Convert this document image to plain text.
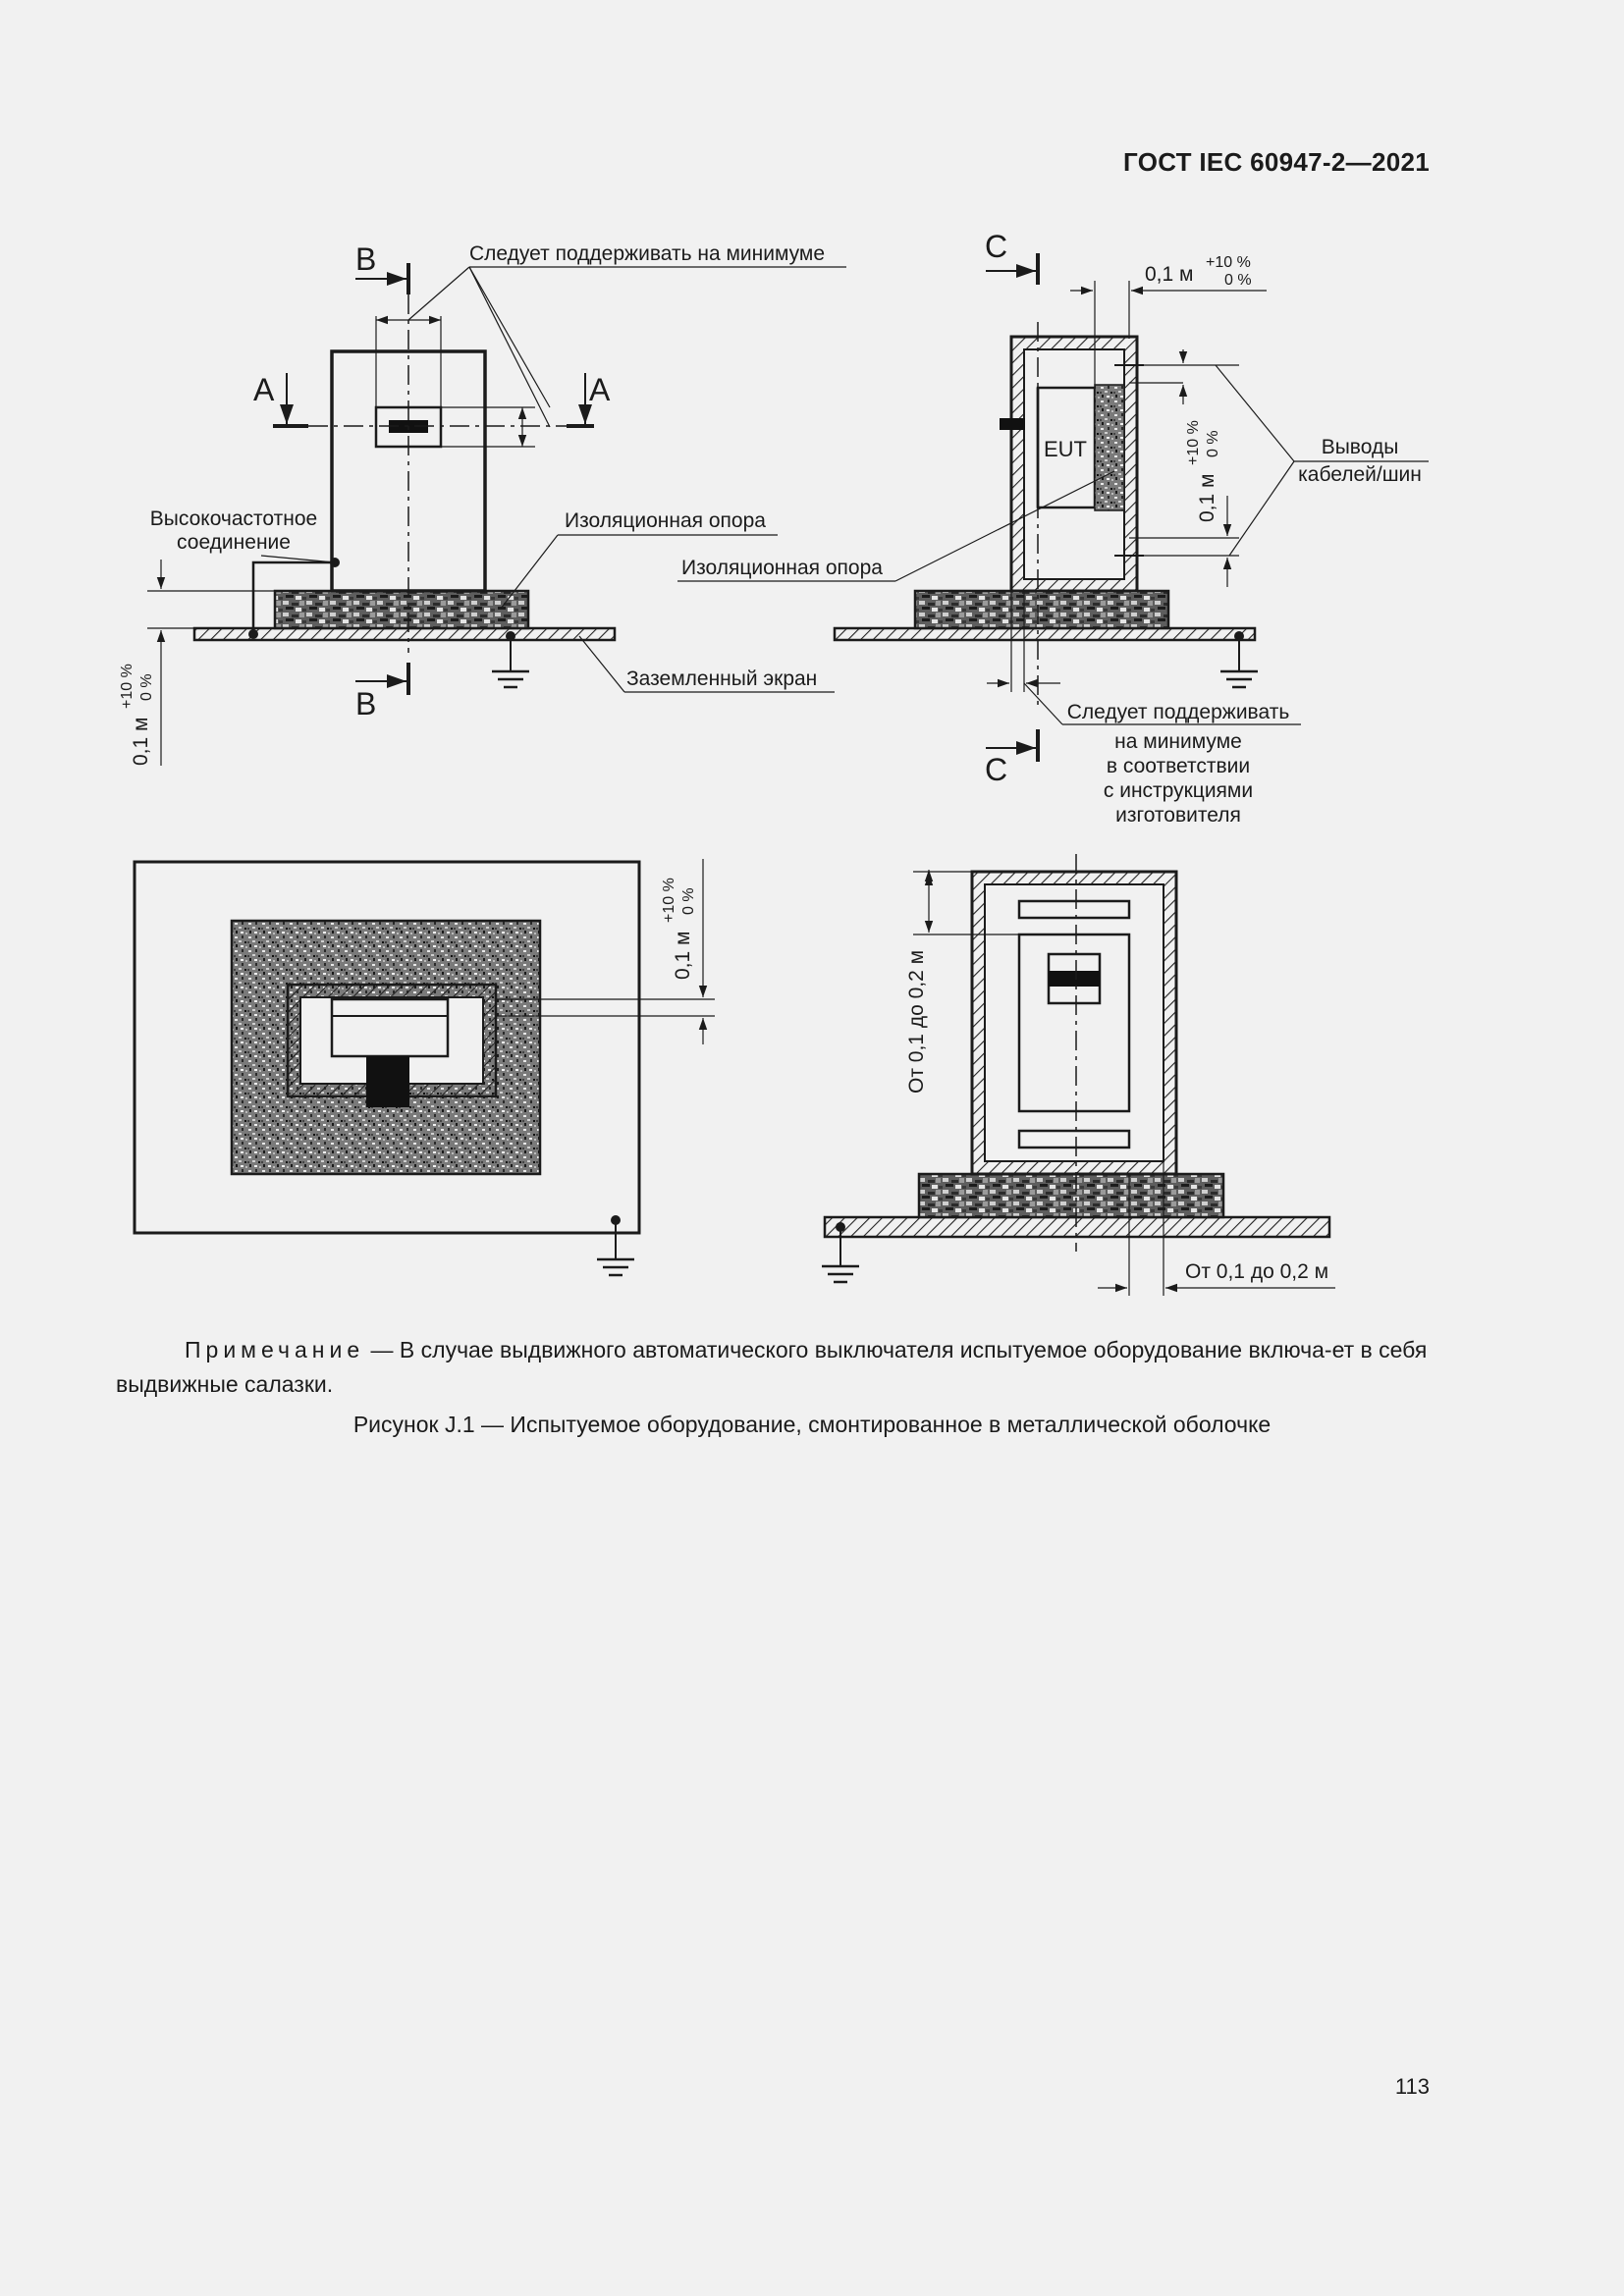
ГОСТ IEC 60947-2—2021
B
B
A	A
Следует поддерживать на минимуме
Высокочастотное
соединение
Изоляционная опора
Заземленный экран
0,1 м
+10 % 0 %
C
C
EUT
0,1 м
+10 %
0 %
0,1 м
+10 % 0 %	Выводы
кабелей/шин
Изоляционная опора
Следует поддерживать
на минимуме
в соответствии
с инструкциями
изготовителя
0,1 м
+10 % 0 %
От 0,1 до 0,2 м
От 0,1 до 0,2 м
Примечание — В случае выдвижного автоматического выключателя испытуемое оборудование включа-ет в себя выдвижные салазки.
Рисунок J.1 — Испытуемое оборудование, смонтированное в металлической оболочке
113
